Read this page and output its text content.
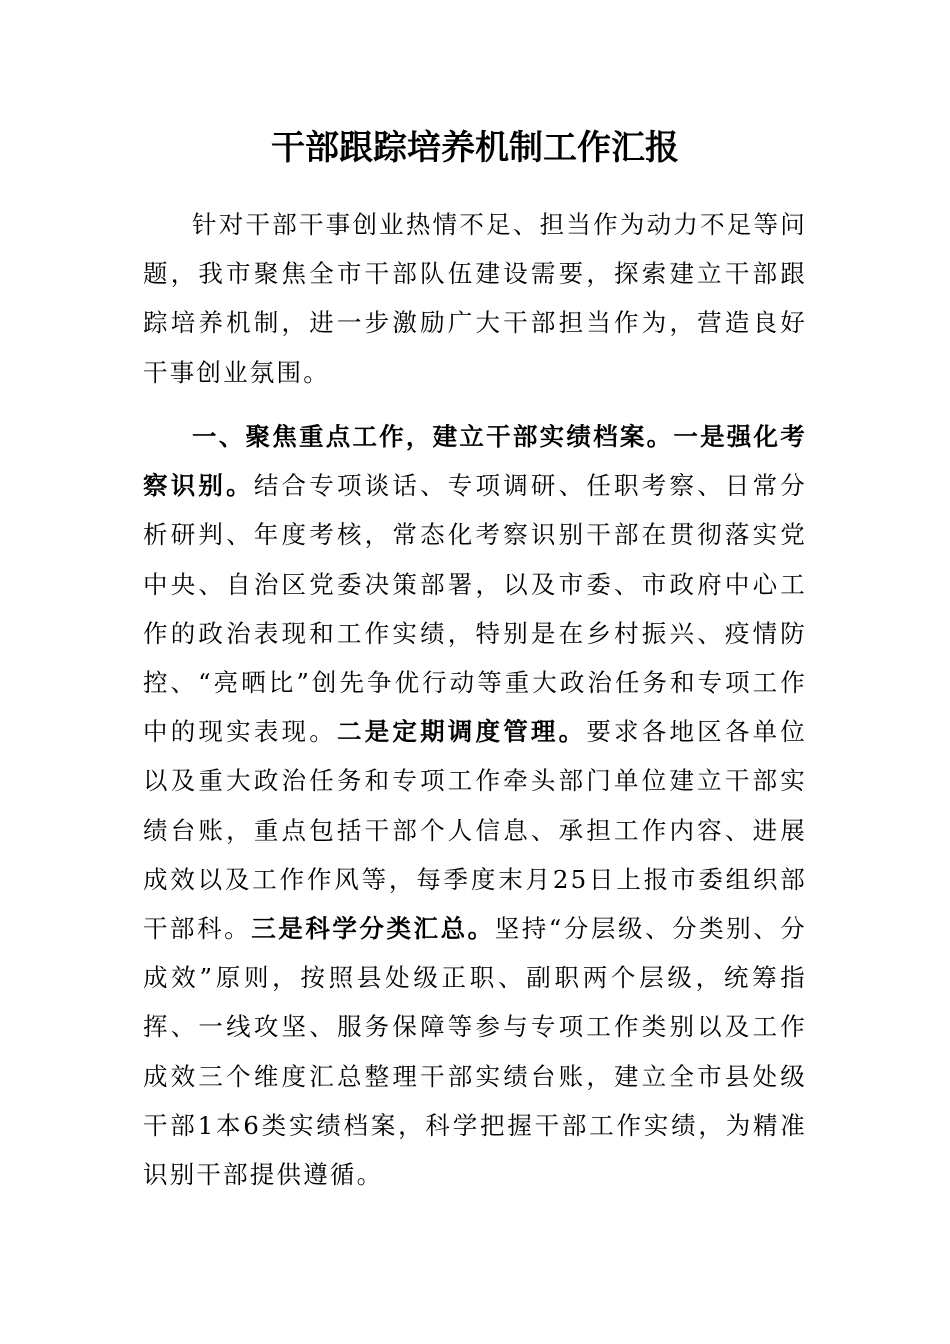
干部跟踪培养机制工作汇报

针对干部干事创业热情不足、担当作为动力不足等问题，我市聚焦全市干部队伍建设需要，探索建立干部跟踪培养机制，进一步激励广大干部担当作为，营造良好干事创业氛围。

一、聚焦重点工作，建立干部实绩档案。一是强化考察识别。结合专项谈话、专项调研、任职考察、日常分析研判、年度考核，常态化考察识别干部在贯彻落实党中央、自治区党委决策部署，以及市委、市政府中心工作的政治表现和工作实绩，特别是在乡村振兴、疫情防控、“亮晒比”创先争优行动等重大政治任务和专项工作中的现实表现。二是定期调度管理。要求各地区各单位以及重大政治任务和专项工作牵头部门单位建立干部实绩台账，重点包括干部个人信息、承担工作内容、进展成效以及工作作风等，每季度末月25日上报市委组织部干部科。三是科学分类汇总。坚持“分层级、分类别、分成效”原则，按照县处级正职、副职两个层级，统筹指挥、一线攻坚、服务保障等参与专项工作类别以及工作成效三个维度汇总整理干部实绩台账，建立全市县处级干部1本6类实绩档案，科学把握干部工作实绩，为精准识别干部提供遵循。
